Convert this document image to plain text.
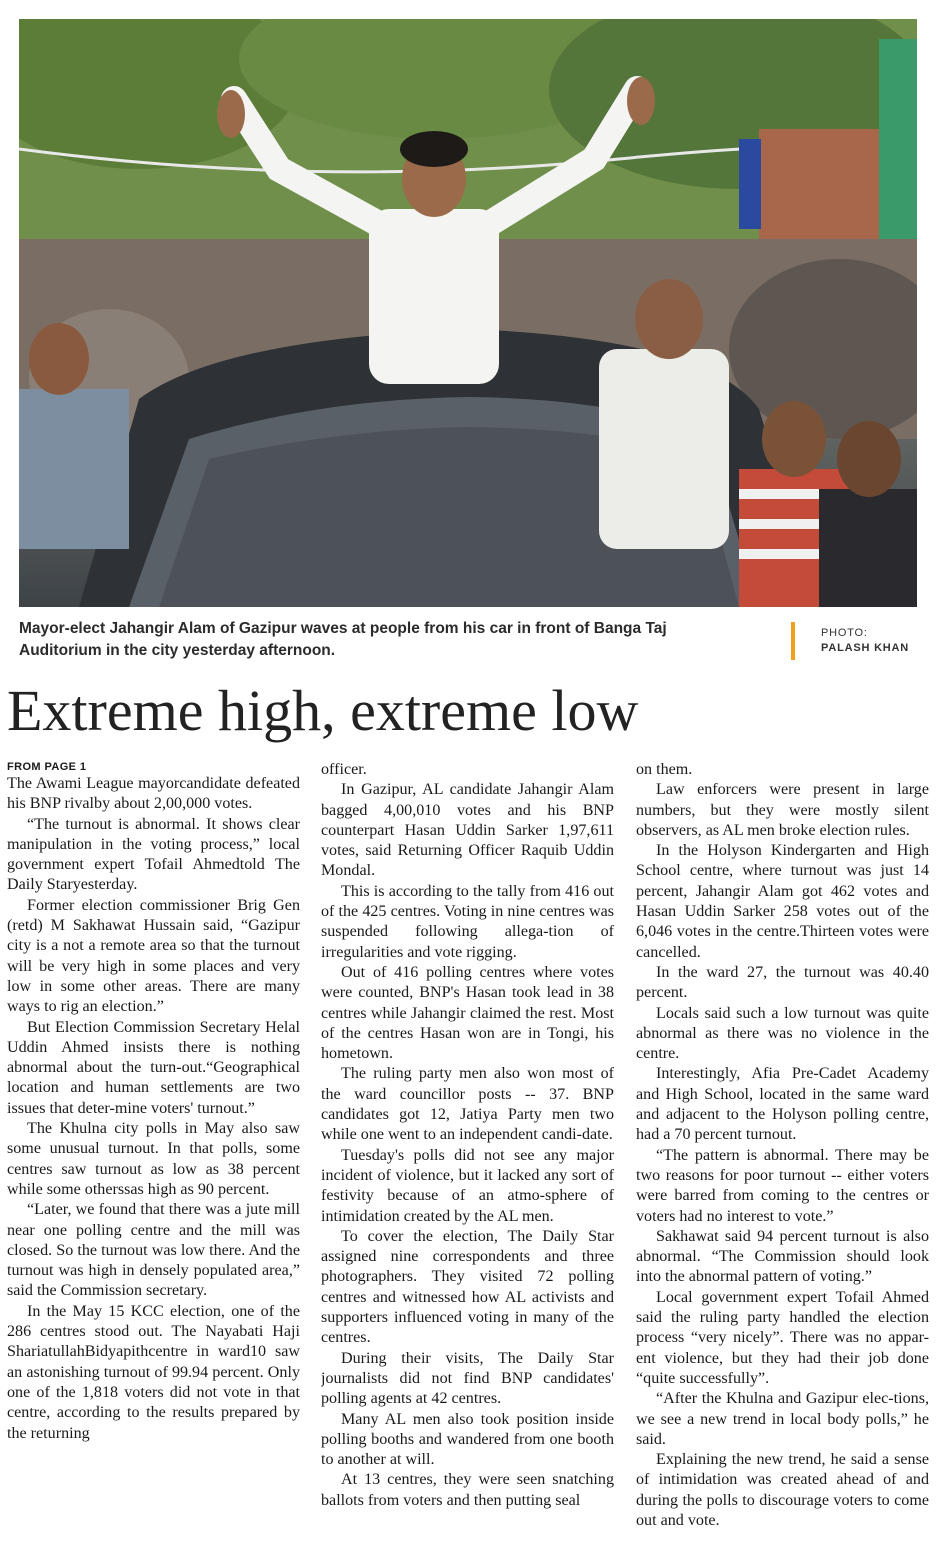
Mayor-elect Jahangir Alam of Gazipur waves at people from his car in front of Banga Taj Auditorium in the city yesterday afternoon.
PHOTO:
PALASH KHAN
Extreme high, extreme low

FROM PAGE 1

The Awami League mayorcandidate defeated his BNP rivalby about 2,00,000 votes.

“The turnout is abnormal. It shows clear manipulation in the voting process,” local government expert Tofail Ahmedtold The Daily Staryesterday.

Former election commissioner Brig Gen (retd) M Sakhawat Hussain said, “Gazipur city is a not a remote area so that the turnout will be very high in some places and very low in some other areas. There are many ways to rig an election.”

But Election Commission Secretary Helal Uddin Ahmed insists there is nothing abnormal about the turn-out.“Geographical location and human settlements are two issues that deter-mine voters' turnout.”

The Khulna city polls in May also saw some unusual turnout. In that polls, some centres saw turnout as low as 38 percent while some otherssas high as 90 percent.

“Later, we found that there was a jute mill near one polling centre and the mill was closed. So the turnout was low there. And the turnout was high in densely populated area,” said the Commission secretary.

In the May 15 KCC election, one of the 286 centres stood out. The Nayabati Haji ShariatullahBidyapithcentre in ward10 saw an astonishing turnout of 99.94 percent. Only one of the 1,818 voters did not vote in that centre, according to the results prepared by the returning

officer.

In Gazipur, AL candidate Jahangir Alam bagged 4,00,010 votes and his BNP counterpart Hasan Uddin Sarker 1,97,611 votes, said Returning Officer Raquib Uddin Mondal.

This is according to the tally from 416 out of the 425 centres. Voting in nine centres was suspended following allega-tion of irregularities and vote rigging.

Out of 416 polling centres where votes were counted, BNP's Hasan took lead in 38 centres while Jahangir claimed the rest. Most of the centres Hasan won are in Tongi, his hometown.

The ruling party men also won most of the ward councillor posts -- 37. BNP candidates got 12, Jatiya Party men two while one went to an independent candi-date.

Tuesday's polls did not see any major incident of violence, but it lacked any sort of festivity because of an atmo-sphere of intimidation created by the AL men.

To cover the election, The Daily Star assigned nine correspondents and three photographers. They visited 72 polling centres and witnessed how AL activists and supporters influenced voting in many of the centres.

During their visits, The Daily Star journalists did not find BNP candidates' polling agents at 42 centres.

Many AL men also took position inside polling booths and wandered from one booth to another at will.

At 13 centres, they were seen snatching ballots from voters and then putting seal

on them.

Law enforcers were present in large numbers, but they were mostly silent observers, as AL men broke election rules.

In the Holyson Kindergarten and High School centre, where turnout was just 14 percent, Jahangir Alam got 462 votes and Hasan Uddin Sarker 258 votes out of the 6,046 votes in the centre.Thirteen votes were cancelled.

In the ward 27, the turnout was 40.40 percent.

Locals said such a low turnout was quite abnormal as there was no violence in the centre.

Interestingly, Afia Pre-Cadet Academy and High School, located in the same ward and adjacent to the Holyson polling centre, had a 70 percent turnout.

“The pattern is abnormal. There may be two reasons for poor turnout -- either voters were barred from coming to the centres or voters had no interest to vote.”

Sakhawat said 94 percent turnout is also abnormal. “The Commission should look into the abnormal pattern of voting.”

Local government expert Tofail Ahmed said the ruling party handled the election process “very nicely”. There was no appar-ent violence, but they had their job done “quite successfully”.

“After the Khulna and Gazipur elec-tions, we see a new trend in local body polls,” he said.

Explaining the new trend, he said a sense of intimidation was created ahead of and during the polls to discourage voters to come out and vote.
